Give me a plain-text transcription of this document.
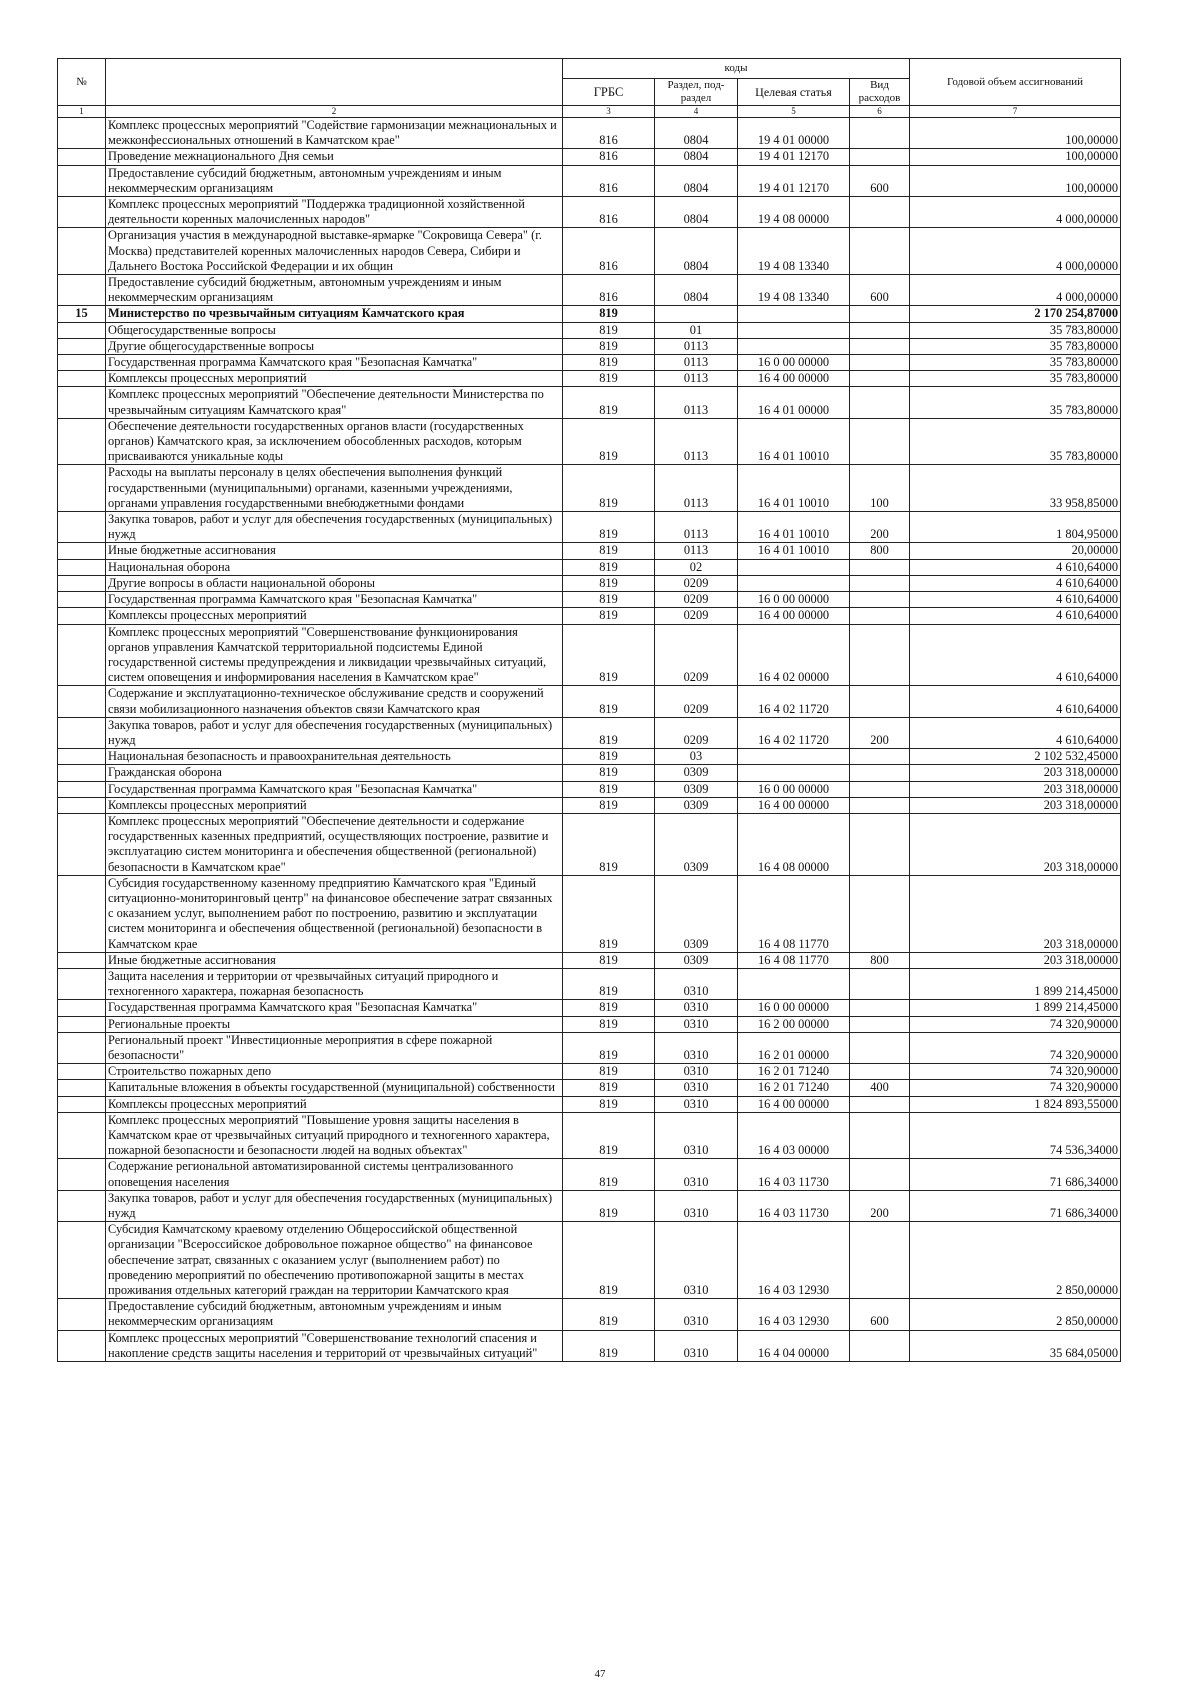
№		коды				Годовой объем ассигнований
		ГРБС	Раздел, под-раздел	Целевая статья	Вид расходов	
1	2	3	4	5	6	7
	Комплекс процессных мероприятий "Содействие гармонизации межнациональных и межконфессиональных отношений в Камчатском крае"	816	0804	19 4 01 00000		100,00000
	Проведение межнационального Дня семьи	816	0804	19 4 01 12170		100,00000
	Предоставление субсидий бюджетным, автономным учреждениям и иным некоммерческим организациям	816	0804	19 4 01 12170	600	100,00000
	Комплекс процессных мероприятий "Поддержка традиционной хозяйственной деятельности коренных малочисленных народов"	816	0804	19 4 08 00000		4 000,00000
	Организация участия в международной выставке-ярмарке "Сокровища Севера" (г. Москва) представителей коренных малочисленных народов Севера, Сибири и Дальнего Востока Российской Федерации и их общин	816	0804	19 4 08 13340		4 000,00000
	Предоставление субсидий бюджетным, автономным учреждениям и иным некоммерческим организациям	816	0804	19 4 08 13340	600	4 000,00000
15	Министерство по чрезвычайным ситуациям Камчатского края	819				2 170 254,87000
	Общегосударственные вопросы	819	01			35 783,80000
	Другие общегосударственные вопросы	819	0113			35 783,80000
	Государственная программа Камчатского края "Безопасная Камчатка"	819	0113	16 0 00 00000		35 783,80000
	Комплексы процессных мероприятий	819	0113	16 4 00 00000		35 783,80000
	Комплекс процессных мероприятий "Обеспечение деятельности Министерства по чрезвычайным ситуациям Камчатского края"	819	0113	16 4 01 00000		35 783,80000
	Обеспечение деятельности государственных органов власти (государственных органов) Камчатского края, за исключением обособленных расходов, которым присваиваются уникальные коды	819	0113	16 4 01 10010		35 783,80000
	Расходы на выплаты персоналу в целях обеспечения выполнения функций государственными (муниципальными) органами, казенными учреждениями, органами управления государственными внебюджетными фондами	819	0113	16 4 01 10010	100	33 958,85000
	Закупка товаров, работ и услуг для обеспечения государственных (муниципальных) нужд	819	0113	16 4 01 10010	200	1 804,95000
	Иные бюджетные ассигнования	819	0113	16 4 01 10010	800	20,00000
	Национальная оборона	819	02			4 610,64000
	Другие вопросы в области национальной обороны	819	0209			4 610,64000
	Государственная программа Камчатского края "Безопасная Камчатка"	819	0209	16 0 00 00000		4 610,64000
	Комплексы процессных мероприятий	819	0209	16 4 00 00000		4 610,64000
	Комплекс процессных мероприятий "Совершенствование функционирования органов управления Камчатской территориальной подсистемы Единой государственной системы предупреждения и ликвидации чрезвычайных ситуаций, систем оповещения и информирования населения в Камчатском крае"	819	0209	16 4 02 00000		4 610,64000
	Содержание и эксплуатационно-техническое обслуживание средств и сооружений связи мобилизационного назначения объектов связи Камчатского края	819	0209	16 4 02 11720		4 610,64000
	Закупка товаров, работ и услуг для обеспечения государственных (муниципальных) нужд	819	0209	16 4 02 11720	200	4 610,64000
	Национальная безопасность и правоохранительная деятельность	819	03			2 102 532,45000
	Гражданская оборона	819	0309			203 318,00000
	Государственная программа Камчатского края "Безопасная Камчатка"	819	0309	16 0 00 00000		203 318,00000
	Комплексы процессных мероприятий	819	0309	16 4 00 00000		203 318,00000
	Комплекс процессных мероприятий "Обеспечение деятельности и содержание государственных казенных предприятий, осуществляющих построение, развитие и эксплуатацию систем мониторинга и обеспечения общественной (региональной) безопасности в Камчатском крае"	819	0309	16 4 08 00000		203 318,00000
	Субсидия государственному казенному предприятию Камчатского края "Единый ситуационно-мониторинговый центр" на финансовое обеспечение затрат связанных с оказанием услуг, выполнением работ по построению, развитию и эксплуатации систем мониторинга и обеспечения общественной (региональной) безопасности в Камчатском крае	819	0309	16 4 08 11770		203 318,00000
	Иные бюджетные ассигнования	819	0309	16 4 08 11770	800	203 318,00000
	Защита населения и территории от чрезвычайных ситуаций природного и техногенного характера, пожарная безопасность	819	0310			1 899 214,45000
	Государственная программа Камчатского края "Безопасная Камчатка"	819	0310	16 0 00 00000		1 899 214,45000
	Региональные проекты	819	0310	16 2 00 00000		74 320,90000
	Региональный проект "Инвестиционные мероприятия в сфере пожарной безопасности"	819	0310	16 2 01 00000		74 320,90000
	Строительство пожарных депо	819	0310	16 2 01 71240		74 320,90000
	Капитальные вложения в объекты государственной (муниципальной) собственности	819	0310	16 2 01 71240	400	74 320,90000
	Комплексы процессных мероприятий	819	0310	16 4 00 00000		1 824 893,55000
	Комплекс процессных мероприятий "Повышение уровня защиты населения в Камчатском крае от чрезвычайных ситуаций природного и техногенного характера, пожарной безопасности и безопасности людей на водных объектах"	819	0310	16 4 03 00000		74 536,34000
	Содержание региональной автоматизированной системы централизованного оповещения населения	819	0310	16 4 03 11730		71 686,34000
	Закупка товаров, работ и услуг для обеспечения государственных (муниципальных) нужд	819	0310	16 4 03 11730	200	71 686,34000
	Субсидия Камчатскому краевому отделению Общероссийской общественной организации "Всероссийское добровольное пожарное общество" на финансовое обеспечение затрат, связанных с оказанием услуг (выполнением работ) по проведению мероприятий по обеспечению противопожарной защиты в местах проживания отдельных категорий граждан на территории Камчатского края	819	0310	16 4 03 12930		2 850,00000
	Предоставление субсидий бюджетным, автономным учреждениям и иным некоммерческим организациям	819	0310	16 4 03 12930	600	2 850,00000
	Комплекс процессных мероприятий "Совершенствование технологий спасения и накопление средств защиты населения и территорий от чрезвычайных ситуаций"	819	0310	16 4 04 00000		35 684,05000
47
